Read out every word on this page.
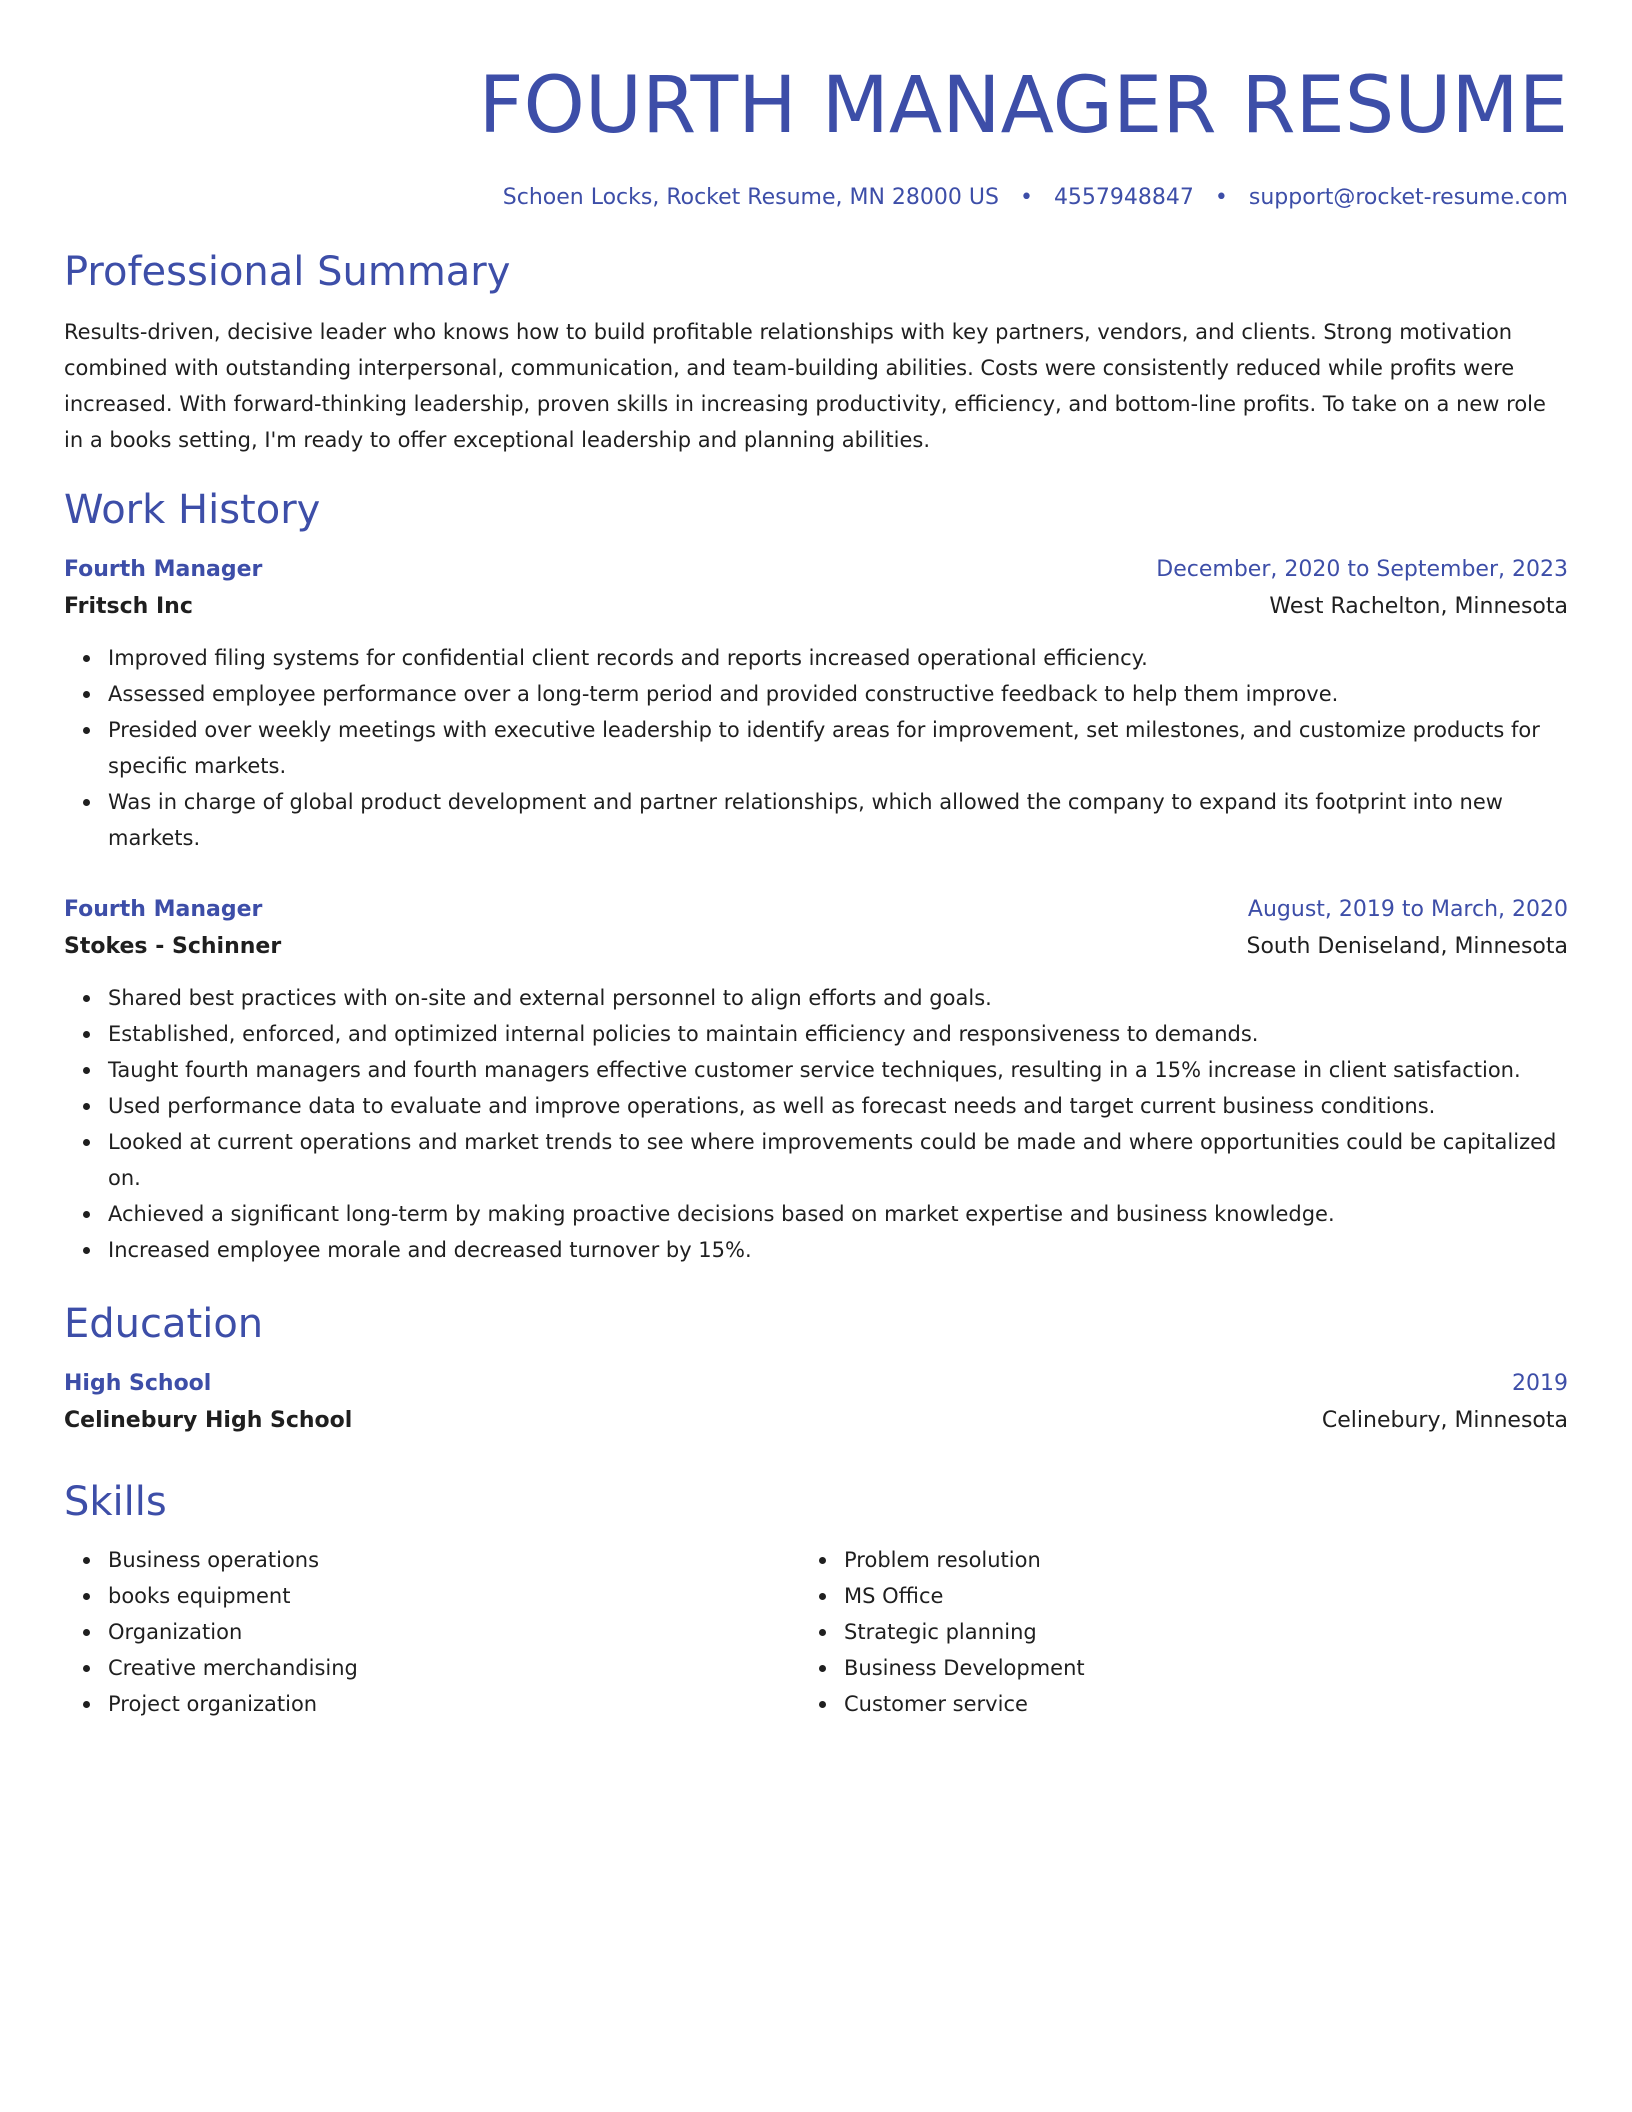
FOURTH MANAGER RESUME
Schoen Locks, Rocket Resume, MN 28000 US • 4557948847 • support@rocket-resume.com
Professional Summary

Results-driven, decisive leader who knows how to build profitable relationships with key partners, vendors, and clients. Strong motivation combined with outstanding interpersonal, communication, and team-building abilities. Costs were consistently reduced while profits were increased. With forward-thinking leadership, proven skills in increasing productivity, efficiency, and bottom-line profits. To take on a new role in a books setting, I'm ready to offer exceptional leadership and planning abilities.

Work History
Fourth Manager	December, 2020 to September, 2023
Fritsch Inc	West Rachelton, Minnesota
Improved filing systems for confidential client records and reports increased operational efficiency.
Assessed employee performance over a long-term period and provided constructive feedback to help them improve.
Presided over weekly meetings with executive leadership to identify areas for improvement, set milestones, and customize products for specific markets.
Was in charge of global product development and partner relationships, which allowed the company to expand its footprint into new markets.
Fourth Manager	August, 2019 to March, 2020
Stokes - Schinner	South Deniseland, Minnesota
Shared best practices with on-site and external personnel to align efforts and goals.
Established, enforced, and optimized internal policies to maintain efficiency and responsiveness to demands.
Taught fourth managers and fourth managers effective customer service techniques, resulting in a 15% increase in client satisfaction.
Used performance data to evaluate and improve operations, as well as forecast needs and target current business conditions.
Looked at current operations and market trends to see where improvements could be made and where opportunities could be capitalized on.
Achieved a significant long-term by making proactive decisions based on market expertise and business knowledge.
Increased employee morale and decreased turnover by 15%.
Education
High School	2019
Celinebury High School	Celinebury, Minnesota
Skills
Business operations
books equipment
Organization
Creative merchandising
Project organization
Problem resolution
MS Office
Strategic planning
Business Development
Customer service
